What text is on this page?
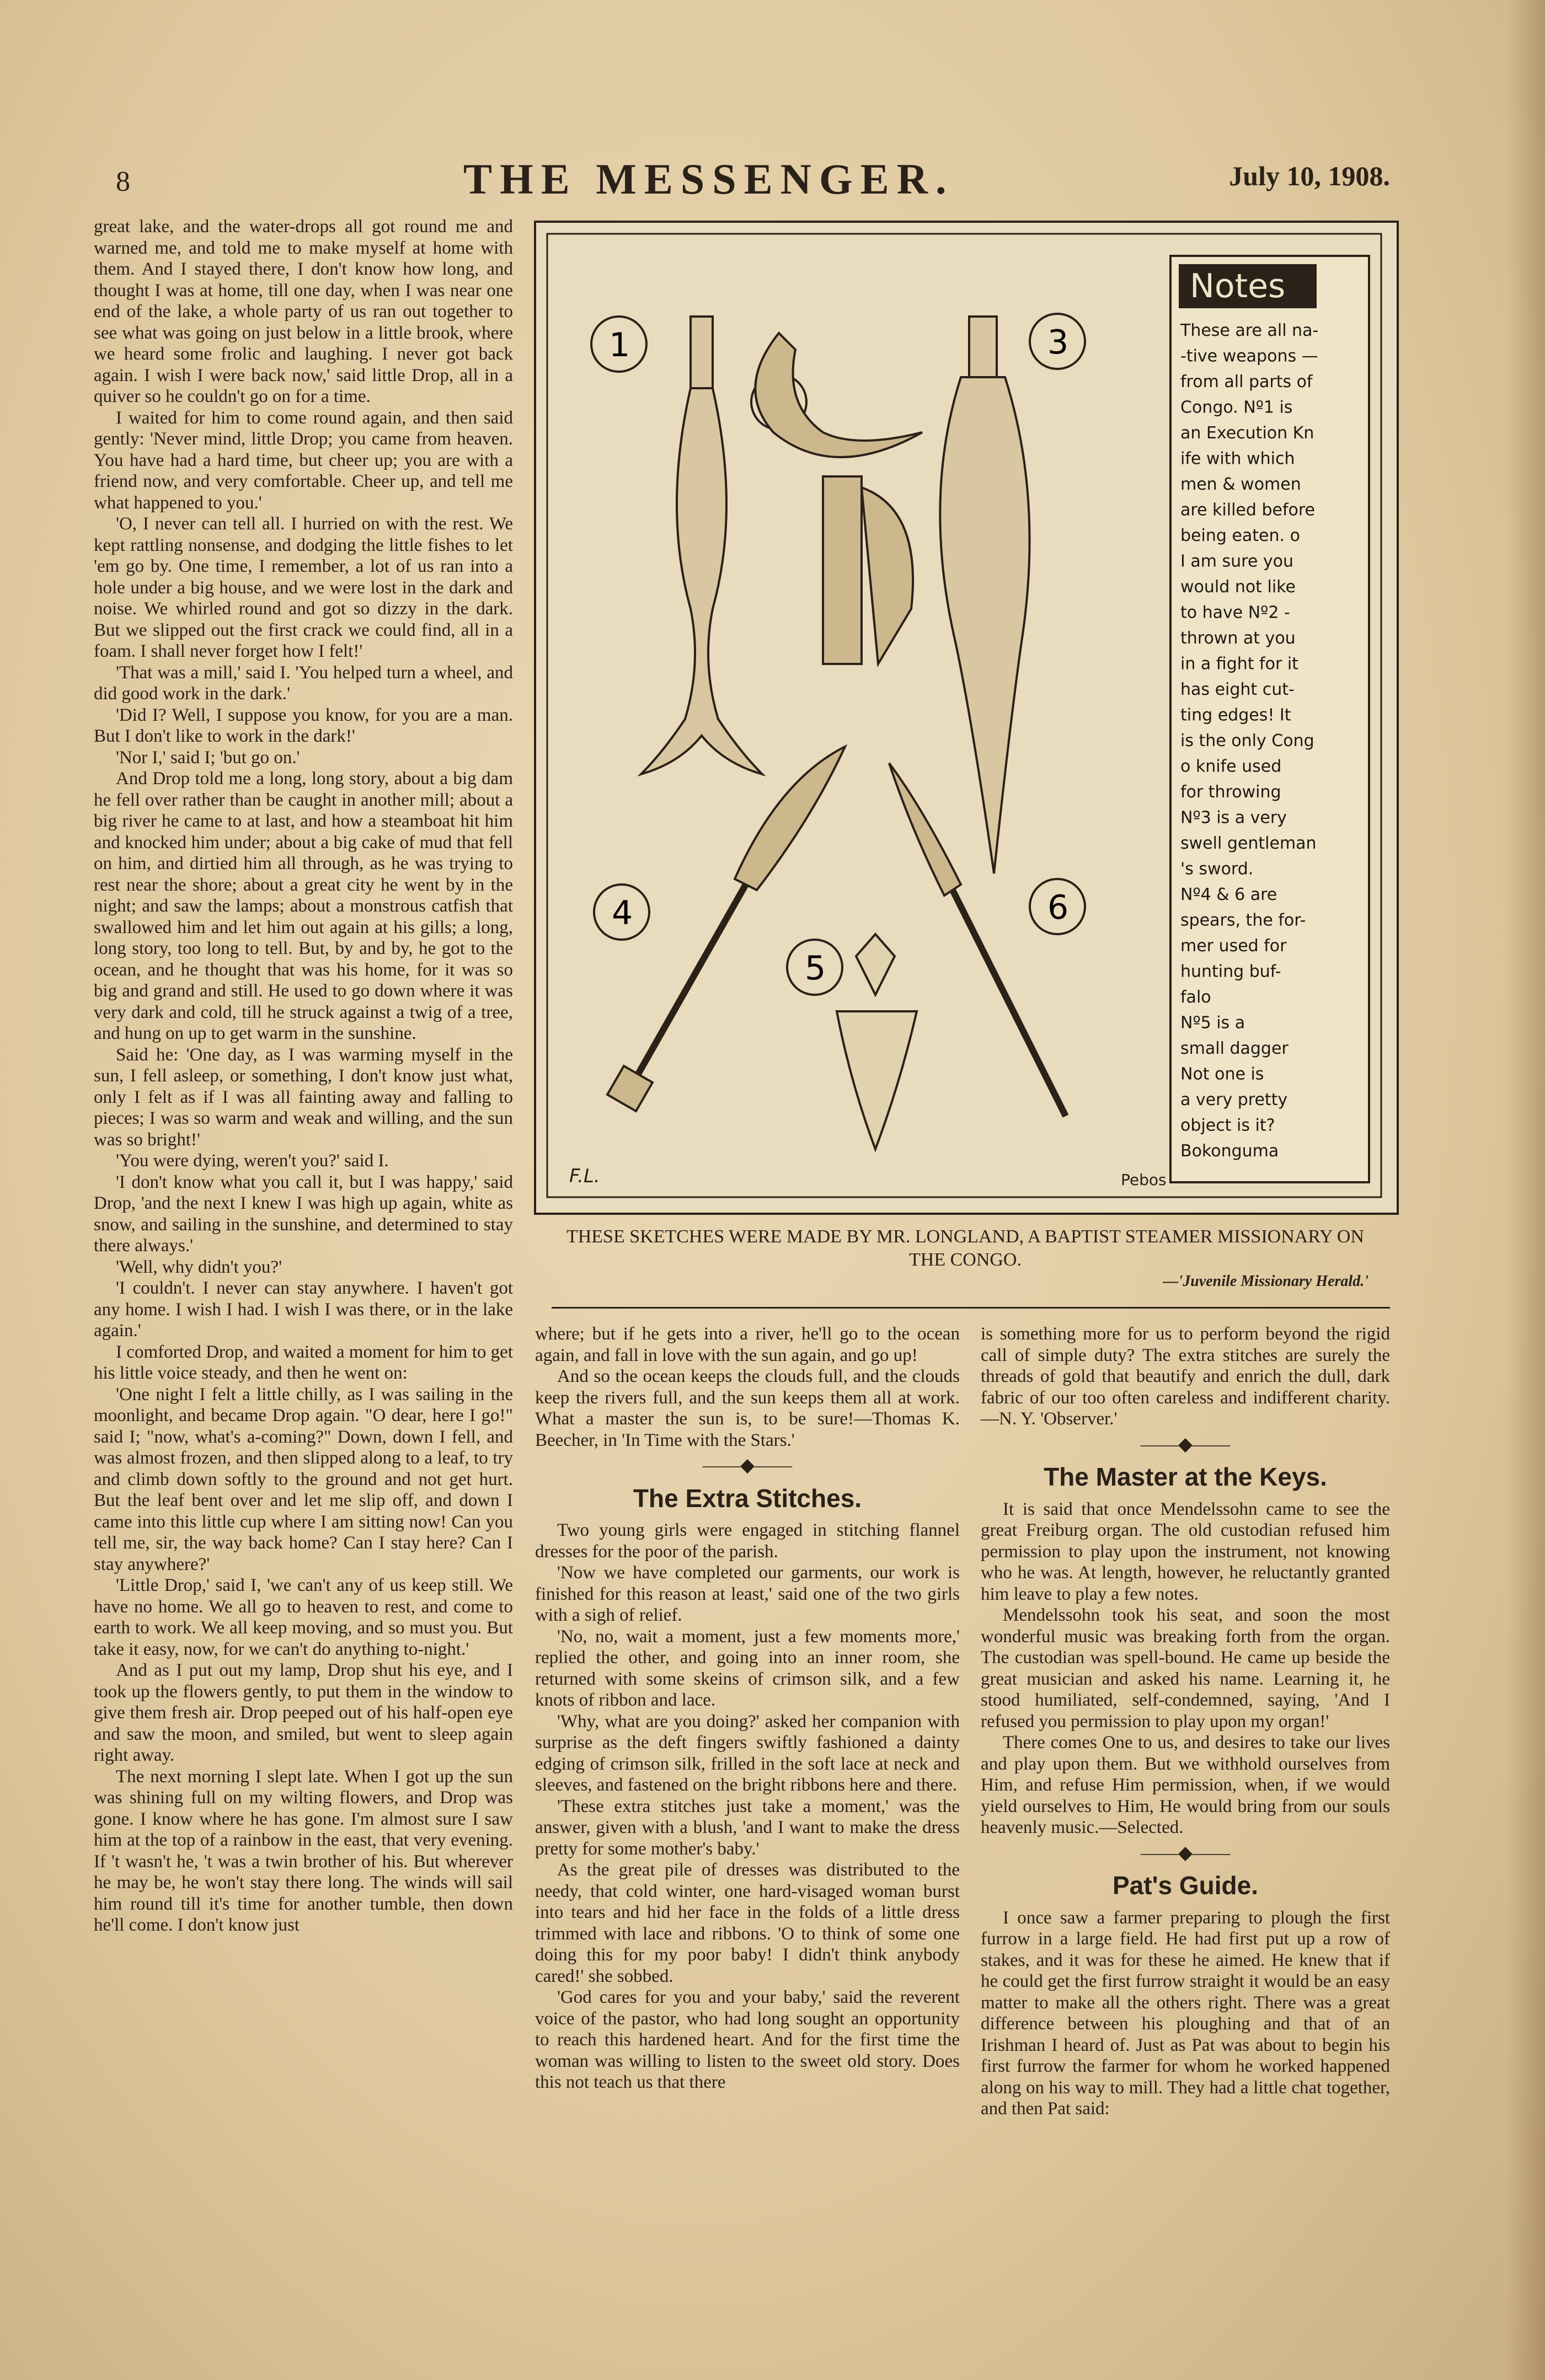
8	THE MESSENGER.	July 10, 1908.

great lake, and the water-drops all got round me and warned me, and told me to make myself at home with them. And I stayed there, I don't know how long, and thought I was at home, till one day, when I was near one end of the lake, a whole party of us ran out together to see what was going on just below in a little brook, where we heard some frolic and laughing. I never got back again. I wish I were back now,' said little Drop, all in a quiver so he couldn't go on for a time.

I waited for him to come round again, and then said gently: 'Never mind, little Drop; you came from heaven. You have had a hard time, but cheer up; you are with a friend now, and very comfortable. Cheer up, and tell me what happened to you.'

'O, I never can tell all. I hurried on with the rest. We kept rattling nonsense, and dodging the little fishes to let 'em go by. One time, I remember, a lot of us ran into a hole under a big house, and we were lost in the dark and noise. We whirled round and got so dizzy in the dark. But we slipped out the first crack we could find, all in a foam. I shall never forget how I felt!'

'That was a mill,' said I. 'You helped turn a wheel, and did good work in the dark.'

'Did I? Well, I suppose you know, for you are a man. But I don't like to work in the dark!'

'Nor I,' said I; 'but go on.'

And Drop told me a long, long story, about a big dam he fell over rather than be caught in another mill; about a big river he came to at last, and how a steamboat hit him and knocked him under; about a big cake of mud that fell on him, and dirtied him all through, as he was trying to rest near the shore; about a great city he went by in the night; and saw the lamps; about a monstrous catfish that swallowed him and let him out again at his gills; a long, long story, too long to tell. But, by and by, he got to the ocean, and he thought that was his home, for it was so big and grand and still. He used to go down where it was very dark and cold, till he struck against a twig of a tree, and hung on up to get warm in the sunshine.

Said he: 'One day, as I was warming myself in the sun, I fell asleep, or something, I don't know just what, only I felt as if I was all fainting away and falling to pieces; I was so warm and weak and willing, and the sun was so bright!'

'You were dying, weren't you?' said I.

'I don't know what you call it, but I was happy,' said Drop, 'and the next I knew I was high up again, white as snow, and sailing in the sunshine, and determined to stay there always.'

'Well, why didn't you?'

'I couldn't. I never can stay anywhere. I haven't got any home. I wish I had. I wish I was there, or in the lake again.'

I comforted Drop, and waited a moment for him to get his little voice steady, and then he went on:

'One night I felt a little chilly, as I was sailing in the moonlight, and became Drop again. "O dear, here I go!" said I; "now, what's a-coming?" Down, down I fell, and was almost frozen, and then slipped along to a leaf, to try and climb down softly to the ground and not get hurt. But the leaf bent over and let me slip off, and down I came into this little cup where I am sitting now! Can you tell me, sir, the way back home? Can I stay here? Can I stay anywhere?'

'Little Drop,' said I, 'we can't any of us keep still. We have no home. We all go to heaven to rest, and come to earth to work. We all keep moving, and so must you. But take it easy, now, for we can't do anything to-night.'

And as I put out my lamp, Drop shut his eye, and I took up the flowers gently, to put them in the window to give them fresh air. Drop peeped out of his half-open eye and saw the moon, and smiled, but went to sleep again right away.

The next morning I slept late. When I got up the sun was shining full on my wilting flowers, and Drop was gone. I know where he has gone. I'm almost sure I saw him at the top of a rainbow in the east, that very evening. If 't wasn't he, 't was a twin brother of his. But wherever he may be, he won't stay there long. The winds will sail him round till it's time for another tumble, then down he'll come. I don't know just

Notes
These are all na-
-tive weapons —
from all parts of
Congo. Nº1 is
an Execution Kn
ife with which
men & women
are killed before
being eaten. o
I am sure you
would not like
to have Nº2 -
thrown at you
in a fight for it
has eight cut-
ting edges! It
is the only Cong
o knife used
for throwing
Nº3 is a very
swell gentleman
's sword.
Nº4 & 6 are
spears, the for-
mer used for
hunting buf-
falo
Nº5 is a
small dagger
Not one is
a very pretty
object is it?
Bokonguma
1	3
4
5
6
F.L.	Pebos
THESE SKETCHES WERE MADE BY MR. LONGLAND, A BAPTIST STEAMER MISSIONARY ON THE CONGO.
—'Juvenile Missionary Herald.'

where; but if he gets into a river, he'll go to the ocean again, and fall in love with the sun again, and go up!

And so the ocean keeps the clouds full, and the clouds keep the rivers full, and the sun keeps them all at work. What a master the sun is, to be sure!—Thomas K. Beecher, in 'In Time with the Stars.'

——◆——
The Extra Stitches.

Two young girls were engaged in stitching flannel dresses for the poor of the parish.

'Now we have completed our garments, our work is finished for this reason at least,' said one of the two girls with a sigh of relief.

'No, no, wait a moment, just a few moments more,' replied the other, and going into an inner room, she returned with some skeins of crimson silk, and a few knots of ribbon and lace.

'Why, what are you doing?' asked her companion with surprise as the deft fingers swiftly fashioned a dainty edging of crimson silk, frilled in the soft lace at neck and sleeves, and fastened on the bright ribbons here and there.

'These extra stitches just take a moment,' was the answer, given with a blush, 'and I want to make the dress pretty for some mother's baby.'

As the great pile of dresses was distributed to the needy, that cold winter, one hard-visaged woman burst into tears and hid her face in the folds of a little dress trimmed with lace and ribbons. 'O to think of some one doing this for my poor baby! I didn't think anybody cared!' she sobbed.

'God cares for you and your baby,' said the reverent voice of the pastor, who had long sought an opportunity to reach this hardened heart. And for the first time the woman was willing to listen to the sweet old story. Does this not teach us that there

is something more for us to perform beyond the rigid call of simple duty? The extra stitches are surely the threads of gold that beautify and enrich the dull, dark fabric of our too often careless and indifferent charity. —N. Y. 'Observer.'

——◆——
The Master at the Keys.

It is said that once Mendelssohn came to see the great Freiburg organ. The old custodian refused him permission to play upon the instrument, not knowing who he was. At length, however, he reluctantly granted him leave to play a few notes.

Mendelssohn took his seat, and soon the most wonderful music was breaking forth from the organ. The custodian was spell-bound. He came up beside the great musician and asked his name. Learning it, he stood humiliated, self-condemned, saying, 'And I refused you permission to play upon my organ!'

There comes One to us, and desires to take our lives and play upon them. But we withhold ourselves from Him, and refuse Him permission, when, if we would yield ourselves to Him, He would bring from our souls heavenly music.—Selected.

——◆——
Pat's Guide.

I once saw a farmer preparing to plough the first furrow in a large field. He had first put up a row of stakes, and it was for these he aimed. He knew that if he could get the first furrow straight it would be an easy matter to make all the others right. There was a great difference between his ploughing and that of an Irishman I heard of. Just as Pat was about to begin his first furrow the farmer for whom he worked happened along on his way to mill. They had a little chat together, and then Pat said:
